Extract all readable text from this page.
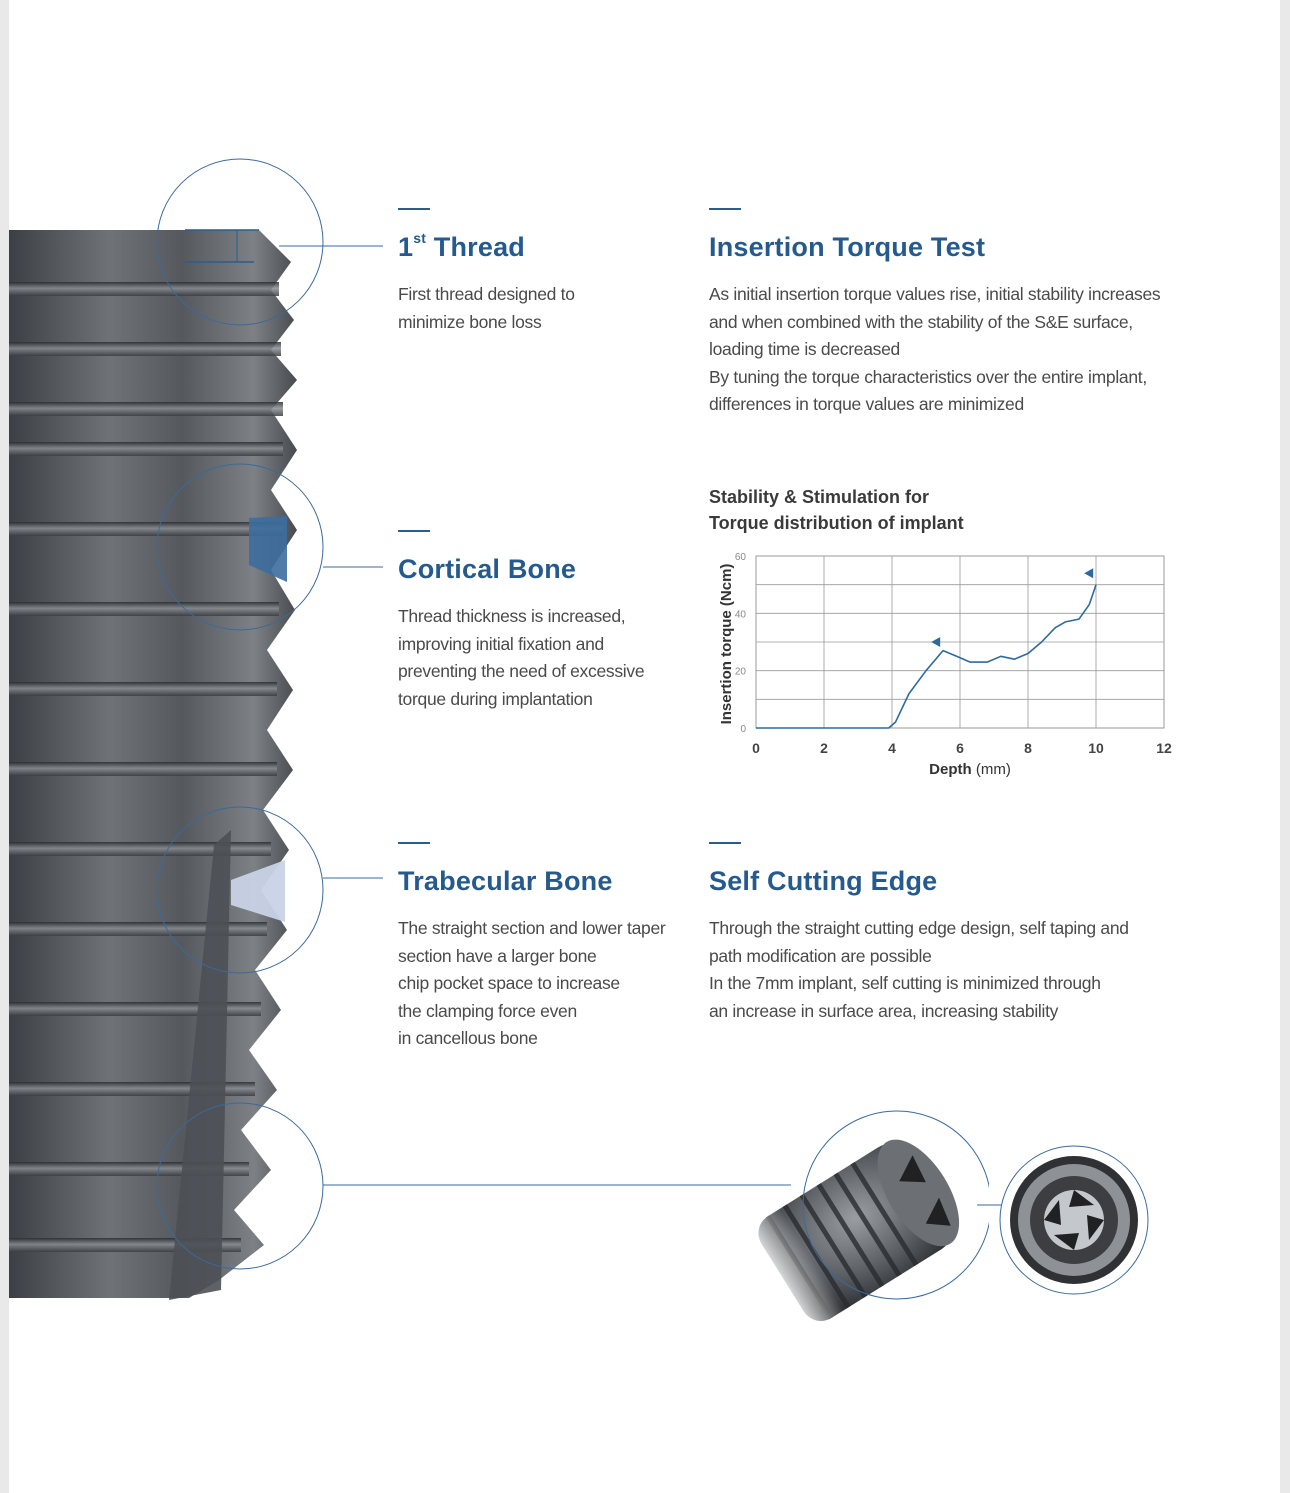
1st Thread
First thread designed to
minimize bone loss
Insertion Torque Test
As initial insertion torque values rise, initial stability increases
and when combined with the stability of the S&E surface,
loading time is decreased
By tuning the torque characteristics over the entire implant,
differences in torque values are minimized
Stability & Stimulation for
Torque distribution of implant
0	2	4	6	8	10	12
0
20
40
60
Depth (mm)
Insertion torque (Ncm)
Cortical Bone
Thread thickness is increased,
improving initial fixation and
preventing the need of excessive
torque during implantation
Trabecular Bone
The straight section and lower taper
section have a larger bone
chip pocket space to increase
the clamping force even
in cancellous bone
Self Cutting Edge
Through the straight cutting edge design, self taping and
path modification are possible
In the 7mm implant, self cutting is minimized through
an increase in surface area, increasing stability
